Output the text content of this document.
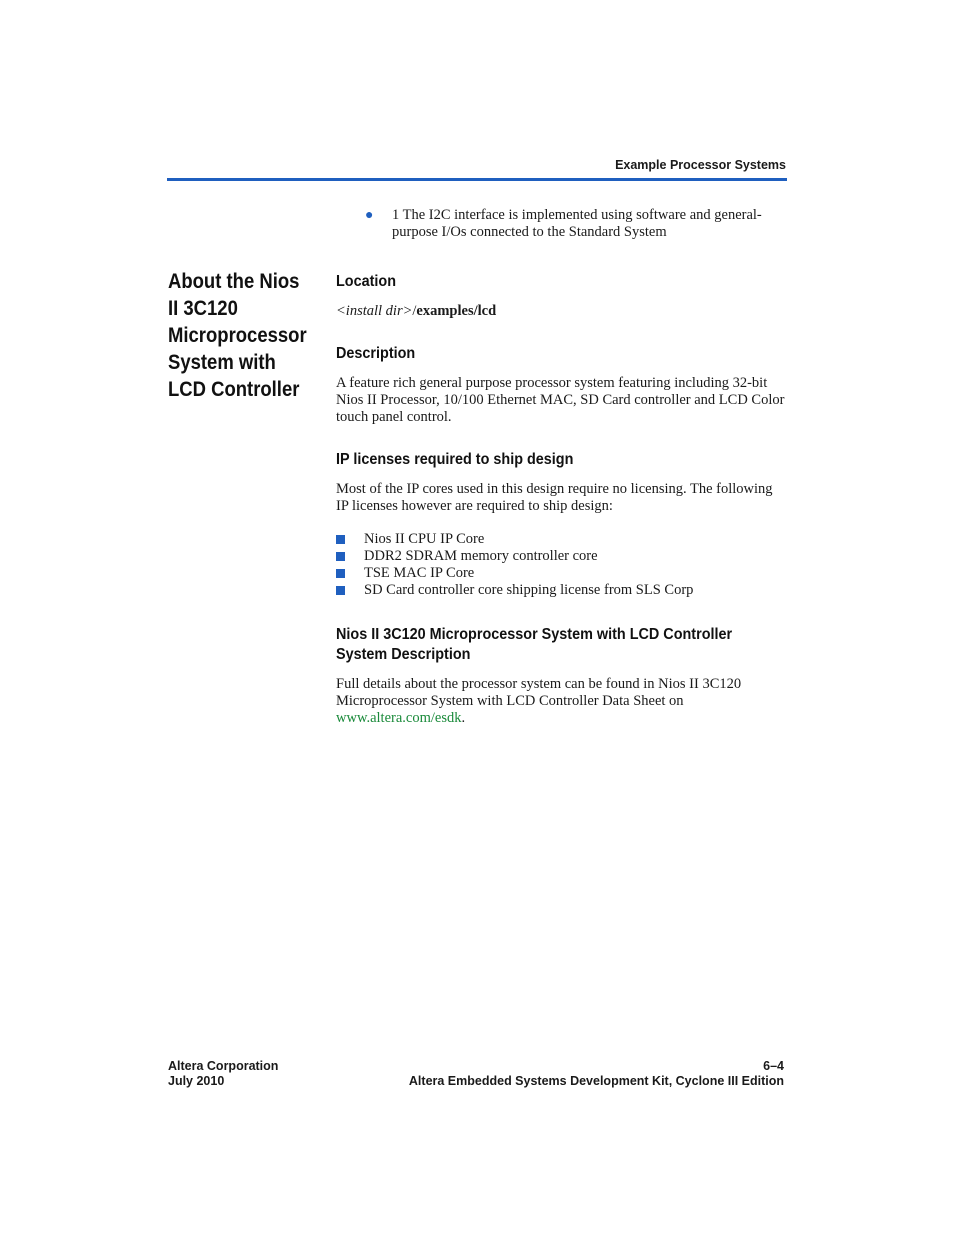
Example Processor Systems
● 1 The I2C interface is implemented using software and general-purpose I/Os connected to the Standard System
About the Nios II 3C120 Microprocessor System with LCD Controller
Location

<install dir>/examples/lcd

Description

A feature rich general purpose processor system featuring including 32-bit Nios II Processor, 10/100 Ethernet MAC, SD Card controller and LCD Color touch panel control.

IP licenses required to ship design

Most of the IP cores used in this design require no licensing. The following IP licenses however are required to ship design:

Nios II CPU IP Core
DDR2 SDRAM memory controller core
TSE MAC IP Core
SD Card controller core shipping license from SLS Corp
Nios II 3C120 Microprocessor System with LCD Controller
System Description

Full details about the processor system can be found in Nios II 3C120 Microprocessor System with LCD Controller Data Sheet on www.altera.com/esdk.

Altera Corporation
July 2010
6–4
Altera Embedded Systems Development Kit, Cyclone III Edition
